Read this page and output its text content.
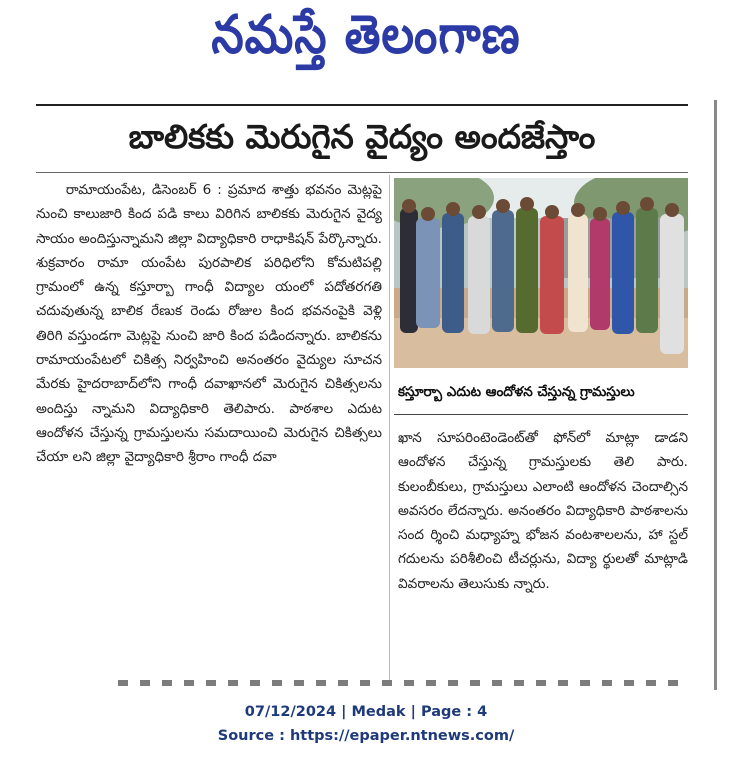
నమస్తే తెలంగాణ
బాలికకు మెరుగైన వైద్యం అందజేస్తాం

రామాయంపేట, డిసెంబర్ 6 : ప్రమాద శాత్తు భవనం మెట్లపై నుంచి కాలుజారి కింద పడి కాలు విరిగిన బాలికకు మెరుగైన వైద్య సాయం అందిస్తున్నామని జిల్లా విద్యాధికారి రాధాకిషన్ పేర్కొన్నారు. శుక్రవారం రామా యంపేట పురపాలిక పరిధిలోని కోమటిపల్లి గ్రామంలో ఉన్న కస్తూర్బా గాంధీ విద్యాల యంలో పదోతరగతి చదువుతున్న బాలిక రేణుక రెండు రోజుల కింద భవనంపైకి వెళ్లి తిరిగి వస్తుండగా మెట్లపై నుంచి జారి కింద పడిందన్నారు. బాలికను రామాయంపేటలో చికిత్స నిర్వహించి అనంతరం వైద్యుల సూచన మేరకు హైదరాబాద్‌లోని గాంధీ దవాఖానలో మెరుగైన చికిత్సలను అందిస్తు న్నామని విద్యాధికారి తెలిపారు. పాఠశాల ఎదుట ఆందోళన చేస్తున్న గ్రామస్తులను సమదాయించి మెరుగైన చికిత్సలు చేయా లని జిల్లా వైద్యాధికారి శ్రీరాం గాంధీ దవా

కస్తూర్బా ఎదుట ఆందోళన చేస్తున్న గ్రామస్తులు

ఖాన సూపరింటెండెంట్‌తో ఫోన్‌లో మాట్లా డాడని ఆందోళన చేస్తున్న గ్రామస్తులకు తెలి పారు. కులంబీకులు, గ్రామస్తులు ఎలాంటి ఆందోళన చెందాల్సిన అవసరం లేదన్నారు. అనంతరం విద్యాధికారి పాఠశాలను సంద ర్శించి మధ్యాహ్న భోజన వంటశాలలను, హా స్టల్ గదులను పరిశీలించి టీచర్లును, విద్యా ర్థులతో మాట్లాడి వివరాలను తెలుసుకు న్నారు.

07/12/2024 | Medak | Page : 4
Source : https://epaper.ntnews.com/
